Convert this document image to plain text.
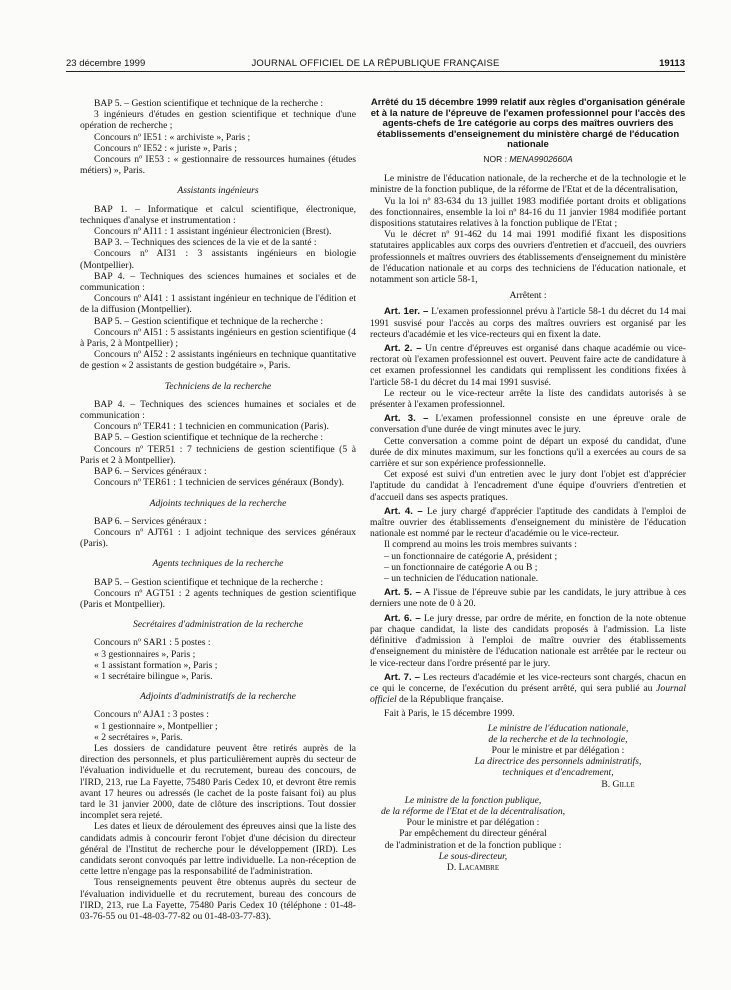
23 décembre 1999	JOURNAL OFFICIEL DE LA RÉPUBLIQUE FRANÇAISE	19113

BAP 5. – Gestion scientifique et technique de la recherche :

3 ingénieurs d'études en gestion scientifique et technique d'une opération de recherche ;

Concours nº IE51 : « archiviste », Paris ;

Concours nº IE52 : « juriste », Paris ;

Concours nº IE53 : « gestionnaire de ressources humaines (études métiers) », Paris.

Assistants ingénieurs

BAP 1. – Informatique et calcul scientifique, électronique, techniques d'analyse et instrumentation :

Concours nº AI11 : 1 assistant ingénieur électronicien (Brest).

BAP 3. – Techniques des sciences de la vie et de la santé :

Concours nº AI31 : 3 assistants ingénieurs en biologie (Montpellier).

BAP 4. – Techniques des sciences humaines et sociales et de communication :

Concours nº AI41 : 1 assistant ingénieur en technique de l'édition et de la diffusion (Montpellier).

BAP 5. – Gestion scientifique et technique de la recherche :

Concours nº AI51 : 5 assistants ingénieurs en gestion scientifique (4 à Paris, 2 à Montpellier) ;

Concours nº AI52 : 2 assistants ingénieurs en technique quantitative de gestion « 2 assistants de gestion budgétaire », Paris.

Techniciens de la recherche

BAP 4. – Techniques des sciences humaines et sociales et de communication :

Concours nº TER41 : 1 technicien en communication (Paris).

BAP 5. – Gestion scientifique et technique de la recherche :

Concours nº TER51 : 7 techniciens de gestion scientifique (5 à Paris et 2 à Montpellier).

BAP 6. – Services généraux :

Concours nº TER61 : 1 technicien de services généraux (Bondy).

Adjoints techniques de la recherche

BAP 6. – Services généraux :

Concours nº AJT61 : 1 adjoint technique des services généraux (Paris).

Agents techniques de la recherche

BAP 5. – Gestion scientifique et technique de la recherche :

Concours nº AGT51 : 2 agents techniques de gestion scientifique (Paris et Montpellier).

Secrétaires d'administration de la recherche

Concours nº SAR1 : 5 postes :

« 3 gestionnaires », Paris ;

« 1 assistant formation », Paris ;

« 1 secrétaire bilingue », Paris.

Adjoints d'administratifs de la recherche

Concours nº AJA1 : 3 postes :

« 1 gestionnaire », Montpellier ;

« 2 secrétaires », Paris.

Les dossiers de candidature peuvent être retirés auprès de la direction des personnels, et plus particulièrement auprès du secteur de l'évaluation individuelle et du recrutement, bureau des concours, de l'IRD, 213, rue La Fayette, 75480 Paris Cedex 10, et devront être remis avant 17 heures ou adressés (le cachet de la poste faisant foi) au plus tard le 31 janvier 2000, date de clôture des inscriptions. Tout dossier incomplet sera rejeté.

Les dates et lieux de déroulement des épreuves ainsi que la liste des candidats admis à concourir feront l'objet d'une décision du directeur général de l'Institut de recherche pour le développement (IRD). Les candidats seront convoqués par lettre individuelle. La non-réception de cette lettre n'engage pas la responsabilité de l'administration.

Tous renseignements peuvent être obtenus auprès du secteur de l'évaluation individuelle et du recrutement, bureau des concours de l'IRD, 213, rue La Fayette, 75480 Paris Cedex 10 (téléphone : 01-48-03-76-55 ou 01-48-03-77-82 ou 01-48-03-77-83).

Arrêté du 15 décembre 1999 relatif aux règles d'organisation générale et à la nature de l'épreuve de l'examen professionnel pour l'accès des agents-chefs de 1re catégorie au corps des maîtres ouvriers des établissements d'enseignement du ministère chargé de l'éducation nationale

NOR : MENA9902660A

Le ministre de l'éducation nationale, de la recherche et de la technologie et le ministre de la fonction publique, de la réforme de l'Etat et de la décentralisation,

Vu la loi nº 83-634 du 13 juillet 1983 modifiée portant droits et obligations des fonctionnaires, ensemble la loi nº 84-16 du 11 janvier 1984 modifiée portant dispositions statutaires relatives à la fonction publique de l'Etat ;

Vu le décret nº 91-462 du 14 mai 1991 modifié fixant les dispositions statutaires applicables aux corps des ouvriers d'entretien et d'accueil, des ouvriers professionnels et maîtres ouvriers des établissements d'enseignement du ministère de l'éducation nationale et au corps des techniciens de l'éducation nationale, et notamment son article 58-1,

Arrêtent :

Art. 1er. – L'examen professionnel prévu à l'article 58-1 du décret du 14 mai 1991 susvisé pour l'accès au corps des maîtres ouvriers est organisé par les recteurs d'académie et les vice-recteurs qui en fixent la date.

Art. 2. – Un centre d'épreuves est organisé dans chaque académie ou vice-rectorat où l'examen professionnel est ouvert. Peuvent faire acte de candidature à cet examen professionnel les candidats qui remplissent les conditions fixées à l'article 58-1 du décret du 14 mai 1991 susvisé.

Le recteur ou le vice-recteur arrête la liste des candidats autorisés à se présenter à l'examen professionnel.

Art. 3. – L'examen professionnel consiste en une épreuve orale de conversation d'une durée de vingt minutes avec le jury.

Cette conversation a comme point de départ un exposé du candidat, d'une durée de dix minutes maximum, sur les fonctions qu'il a exercées au cours de sa carrière et sur son expérience professionnelle.

Cet exposé est suivi d'un entretien avec le jury dont l'objet est d'apprécier l'aptitude du candidat à l'encadrement d'une équipe d'ouvriers d'entretien et d'accueil dans ses aspects pratiques.

Art. 4. – Le jury chargé d'apprécier l'aptitude des candidats à l'emploi de maître ouvrier des établissements d'enseignement du ministère de l'éducation nationale est nommé par le recteur d'académie ou le vice-recteur.

Il comprend au moins les trois membres suivants :

– un fonctionnaire de catégorie A, président ;

– un fonctionnaire de catégorie A ou B ;

– un technicien de l'éducation nationale.

Art. 5. – A l'issue de l'épreuve subie par les candidats, le jury attribue à ces derniers une note de 0 à 20.

Art. 6. – Le jury dresse, par ordre de mérite, en fonction de la note obtenue par chaque candidat, la liste des candidats proposés à l'admission. La liste définitive d'admission à l'emploi de maître ouvrier des établissements d'enseignement du ministère de l'éducation nationale est arrêtée par le recteur ou le vice-recteur dans l'ordre présenté par le jury.

Art. 7. – Les recteurs d'académie et les vice-recteurs sont chargés, chacun en ce qui le concerne, de l'exécution du présent arrêté, qui sera publié au Journal officiel de la République française.

Fait à Paris, le 15 décembre 1999.

Le ministre de l'éducation nationale,

de la recherche et de la technologie,

Pour le ministre et par délégation :

La directrice des personnels administratifs,

techniques et d'encadrement,

B. Gille

Le ministre de la fonction publique,

de la réforme de l'Etat et de la décentralisation,

Pour le ministre et par délégation :

Par empêchement du directeur général

de l'administration et de la fonction publique :

Le sous-directeur,

D. Lacambre
